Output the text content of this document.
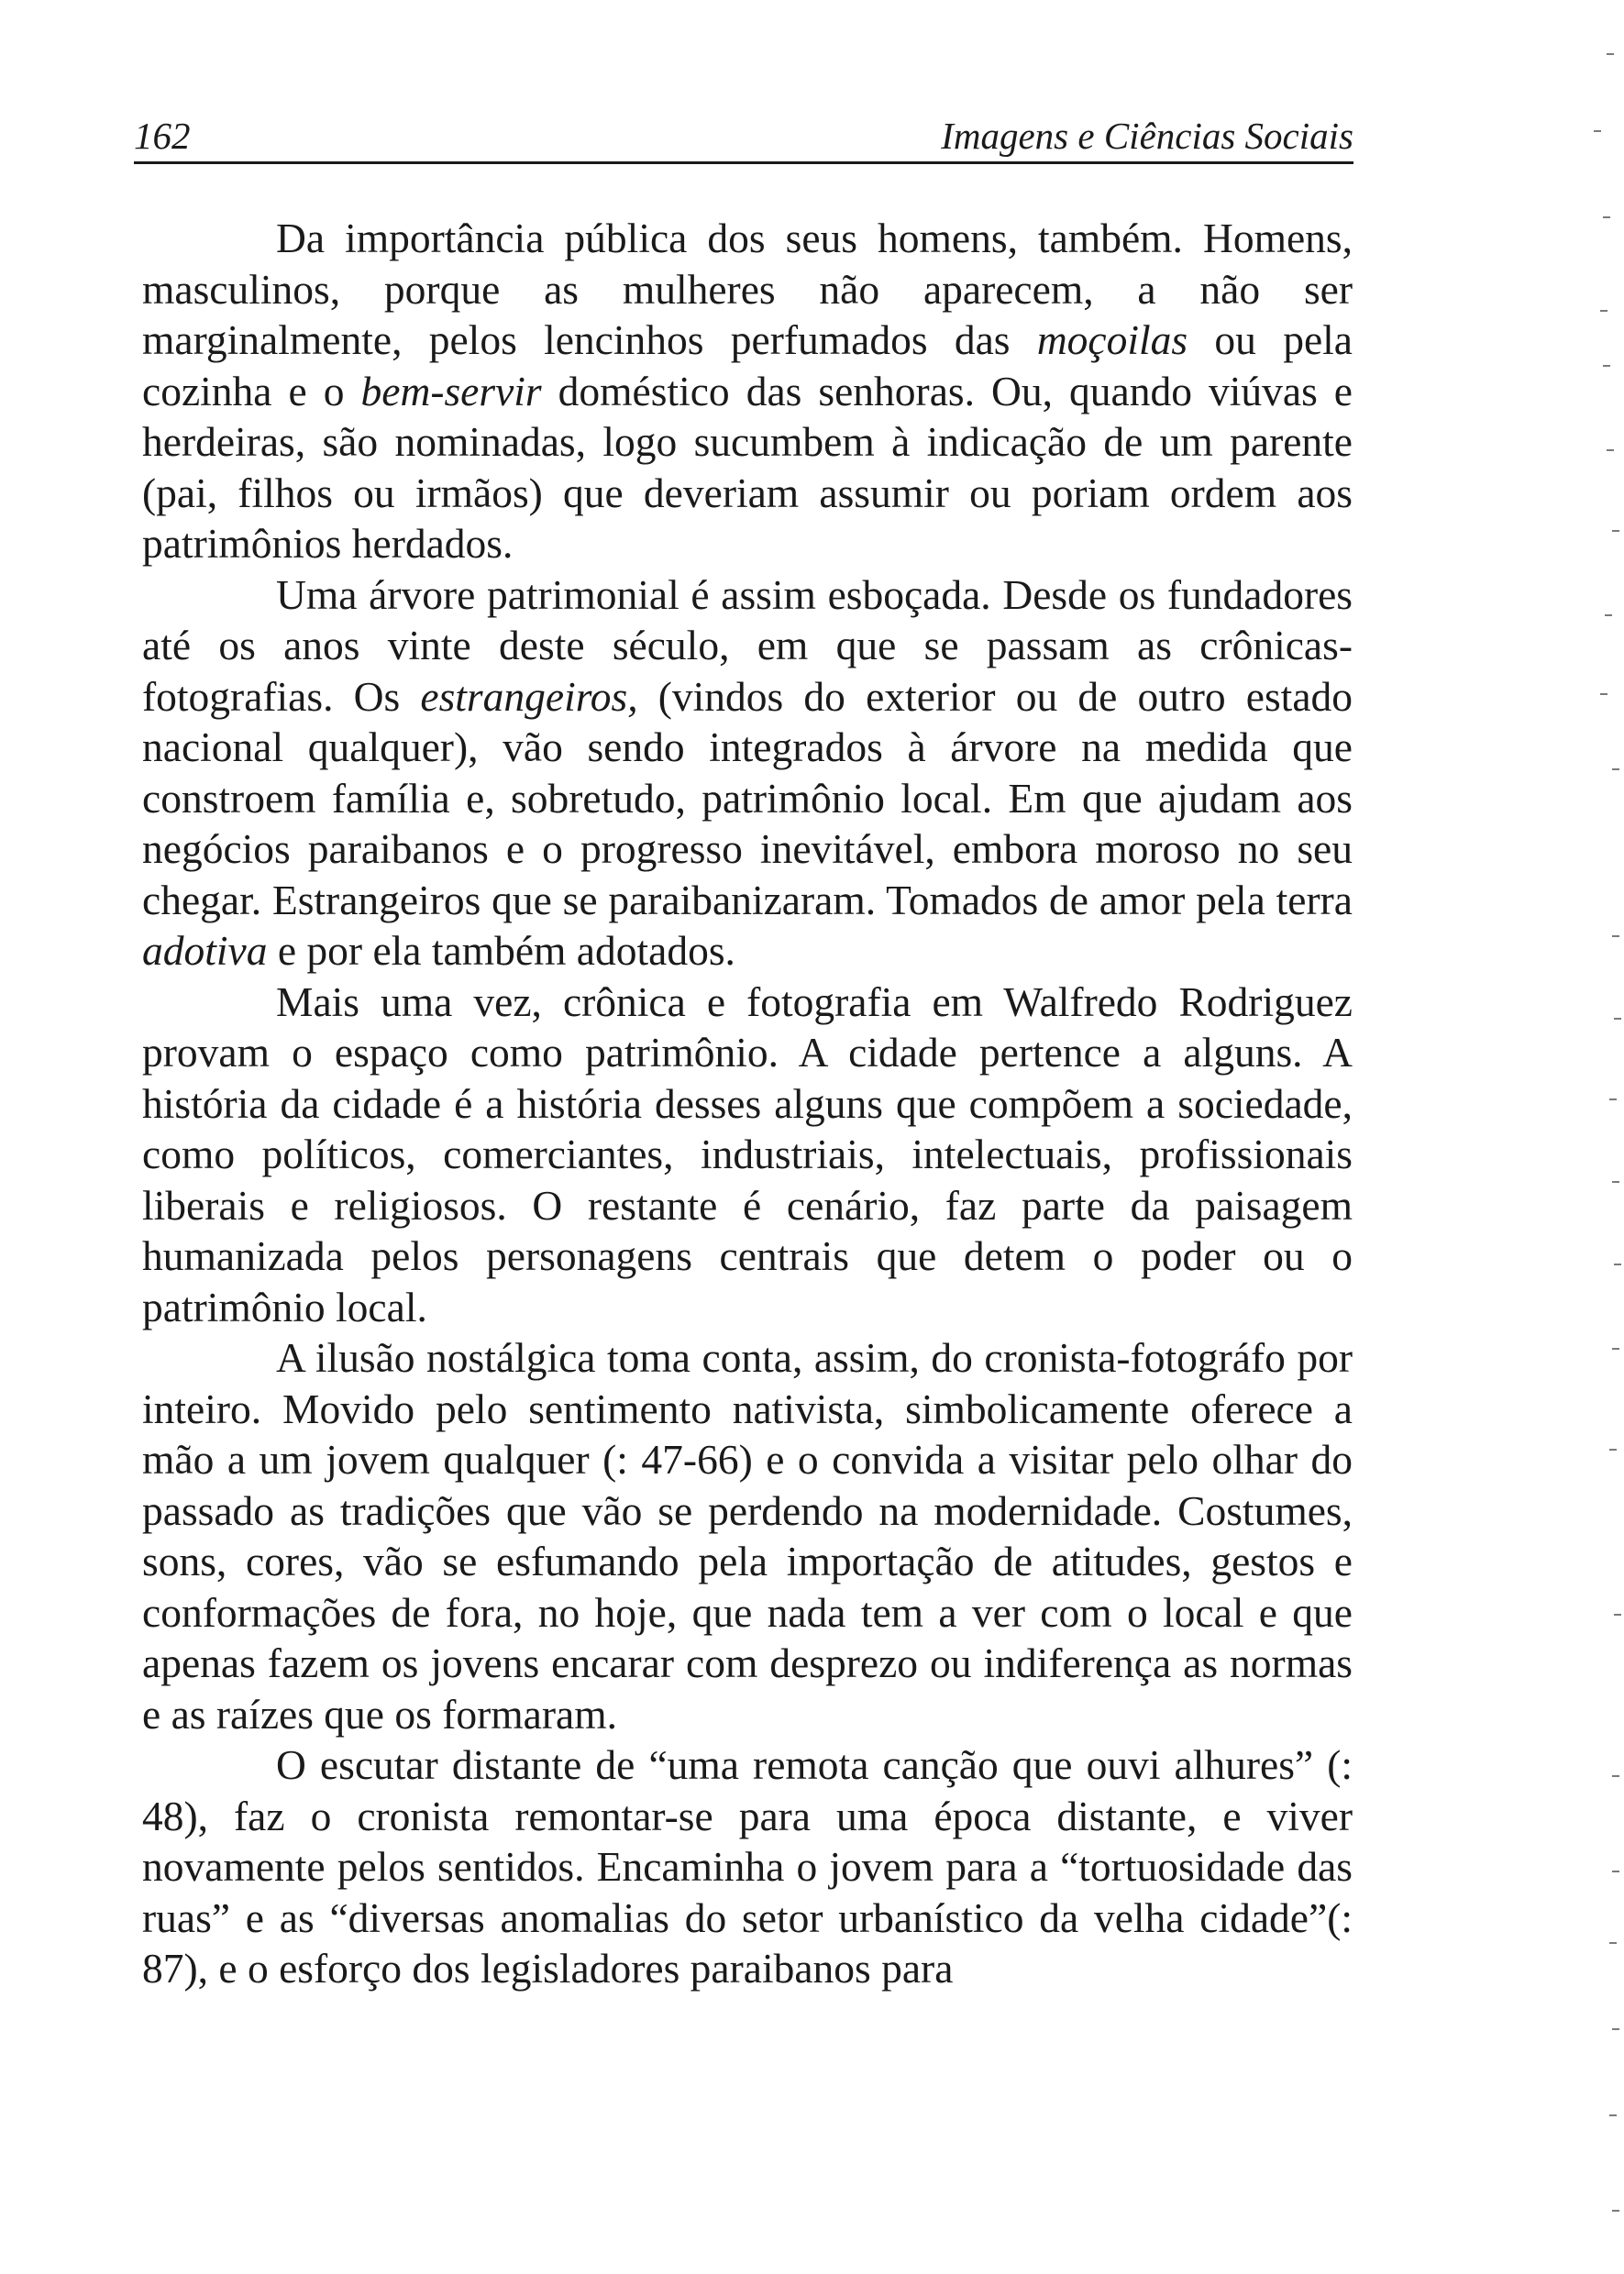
162	Imagens e Ciências Sociais

Da importância pública dos seus homens, também. Homens, masculinos, porque as mulheres não aparecem, a não ser marginalmente, pelos lencinhos perfumados das moçoilas ou pela cozinha e o bem-servir doméstico das senhoras. Ou, quando viúvas e herdeiras, são nominadas, logo sucumbem à indicação de um parente (pai, filhos ou irmãos) que deveriam assumir ou poriam ordem aos patrimônios herdados.

Uma árvore patrimonial é assim esboçada. Desde os fundadores até os anos vinte deste século, em que se passam as crônicas-fotografias. Os estrangeiros, (vindos do exterior ou de outro estado nacional qualquer), vão sendo integrados à árvore na medida que constroem família e, sobretudo, patrimônio local. Em que ajudam aos negócios paraibanos e o progresso inevitável, embora moroso no seu chegar. Estrangeiros que se paraibanizaram. Tomados de amor pela terra adotiva e por ela também adotados.

Mais uma vez, crônica e fotografia em Walfredo Rodriguez provam o espaço como patrimônio. A cidade pertence a alguns. A história da cidade é a história desses alguns que compõem a sociedade, como políticos, comerciantes, industriais, intelectuais, profissionais liberais e religiosos. O restante é cenário, faz parte da paisagem humanizada pelos personagens centrais que detem o poder ou o patrimônio local.

A ilusão nostálgica toma conta, assim, do cronista-fotográfo por inteiro. Movido pelo sentimento nativista, simbolicamente oferece a mão a um jovem qualquer (: 47-66) e o convida a visitar pelo olhar do passado as tradições que vão se perdendo na modernidade. Costumes, sons, cores, vão se esfumando pela importação de atitudes, gestos e conformações de fora, no hoje, que nada tem a ver com o local e que apenas fazem os jovens encarar com desprezo ou indiferença as normas e as raízes que os formaram.

O escutar distante de “uma remota canção que ouvi alhures” (: 48), faz o cronista remontar-se para uma época distante, e viver novamente pelos sentidos. Encaminha o jovem para a “tortuosidade das ruas” e as “diversas anomalias do setor urbanístico da velha cidade”(: 87), e o esforço dos legisladores paraibanos para
